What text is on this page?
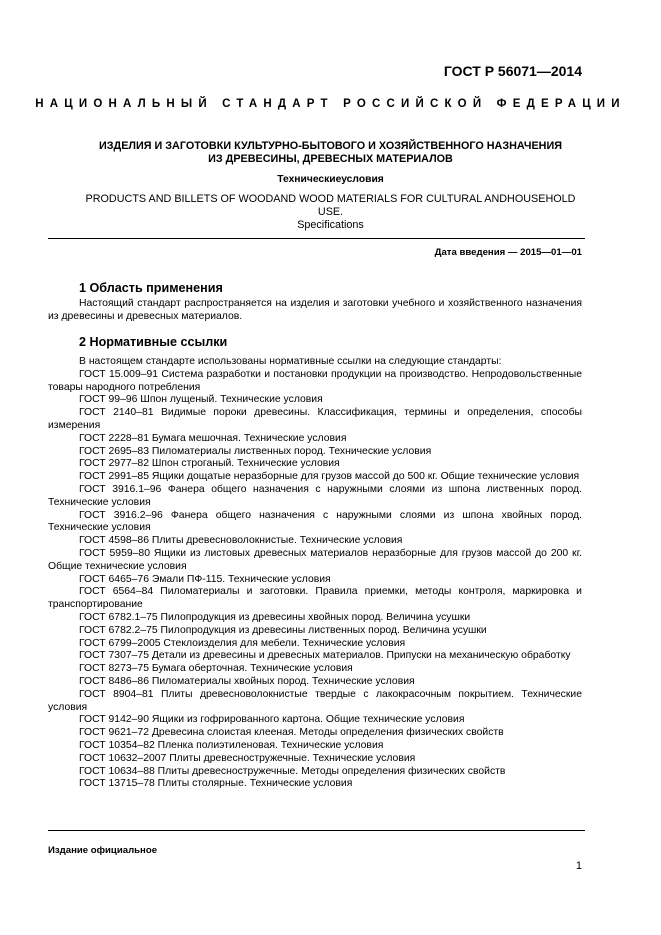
ГОСТ Р 56071—2014
НАЦИОНАЛЬНЫЙ СТАНДАРТ РОССИЙСКОЙ ФЕДЕРАЦИИ
ИЗДЕЛИЯ И ЗАГОТОВКИ КУЛЬТУРНО-БЫТОВОГО И ХОЗЯЙСТВЕННОГО НАЗНАЧЕНИЯ
ИЗ ДРЕВЕСИНЫ, ДРЕВЕСНЫХ МАТЕРИАЛОВ
Техническиеусловия
PRODUCTS AND BILLETS OF WOODAND WOOD MATERIALS FOR CULTURAL ANDHOUSEHOLD
USE.
Specifications
Дата введения — 2015—01—01
1 Область применения

Настоящий стандарт распространяется на изделия и заготовки учебного и хозяйственного назначения из древесины и древесных материалов.

2 Нормативные ссылки

В настоящем стандарте использованы нормативные ссылки на следующие стандарты:

ГОСТ 15.009–91 Система разработки и постановки продукции на производство. Непродовольственные товары народного потребления

ГОСТ 99–96 Шпон лущеный. Технические условия

ГОСТ 2140–81 Видимые пороки древесины. Классификация, термины и определения, способы измерения

ГОСТ 2228–81 Бумага мешочная. Технические условия

ГОСТ 2695–83 Пиломатериалы лиственных пород. Технические условия

ГОСТ 2977–82 Шпон строганый. Технические условия

ГОСТ 2991–85 Ящики дощатые неразборные для грузов массой до 500 кг. Общие технические условия

ГОСТ 3916.1–96 Фанера общего назначения с наружными слоями из шпона лиственных пород. Технические условия

ГОСТ 3916.2–96 Фанера общего назначения с наружными слоями из шпона хвойных пород. Технические условия

ГОСТ 4598–86 Плиты древесноволокнистые. Технические условия

ГОСТ 5959–80 Ящики из листовых древесных материалов неразборные для грузов массой до 200 кг. Общие технические условия

ГОСТ 6465–76 Эмали ПФ-115. Технические условия

ГОСТ 6564–84 Пиломатериалы и заготовки. Правила приемки, методы контроля, маркировка и транспортирование

ГОСТ 6782.1–75 Пилопродукция из древесины хвойных пород. Величина усушки

ГОСТ 6782.2–75 Пилопродукция из древесины лиственных пород. Величина усушки

ГОСТ 6799–2005 Стеклоизделия для мебели. Технические условия

ГОСТ 7307–75 Детали из древесины и древесных материалов. Припуски на механическую обработку

ГОСТ 8273–75 Бумага оберточная. Технические условия

ГОСТ 8486–86 Пиломатериалы хвойных пород. Технические условия

ГОСТ 8904–81 Плиты древесноволокнистые твердые с лакокрасочным покрытием. Технические условия

ГОСТ 9142–90 Ящики из гофрированного картона. Общие технические условия

ГОСТ 9621–72 Древесина слоистая клееная. Методы определения физических свойств

ГОСТ 10354–82 Пленка полиэтиленовая. Технические условия

ГОСТ 10632–2007 Плиты древесностружечные. Технические условия

ГОСТ 10634–88 Плиты древесностружечные. Методы определения физических свойств

ГОСТ 13715–78 Плиты столярные. Технические условия

Издание официальное
1
